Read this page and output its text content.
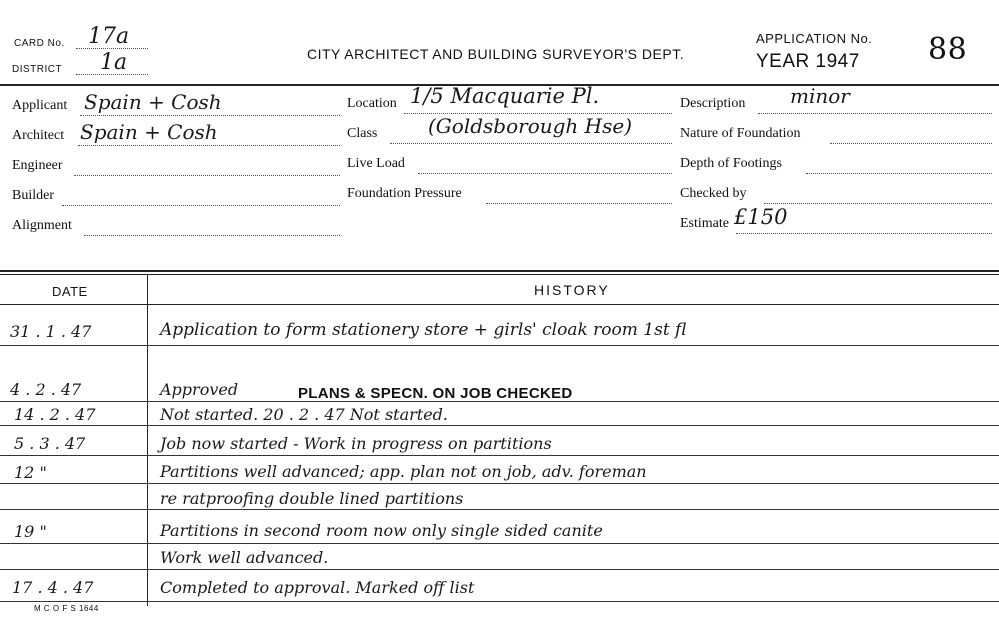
CARD No. 17a
DISTRICT 1a	CITY ARCHITECT AND BUILDING SURVEYOR'S DEPT.
APPLICATION No.
YEAR 1947 88
Applicant Spain + Cosh
Architect Spain + Cosh
Engineer
Builder
Alignment
Location 1/5 Macquarie Pl.
Class	(Goldsborough Hse)
Live Load
Foundation Pressure
Description minor
Nature of Foundation
Depth of Footings
Checked by
Estimate £150
DATE	HISTORY
31 . 1 . 47	Application to form stationery store + girls' cloak room 1st fl
4 . 2 . 47	Approved	PLANS & SPECN. ON JOB CHECKED
14 . 2 . 47	Not started. 20 . 2 . 47 Not started.
5 . 3 . 47	Job now started - Work in progress on partitions
12 "	Partitions well advanced; app. plan not on job, adv. foreman
re ratproofing double lined partitions
19 "	Partitions in second room now only single sided canite
Work well advanced.
17 . 4 . 47	Completed to approval. Marked off list
M C O F S 1644
